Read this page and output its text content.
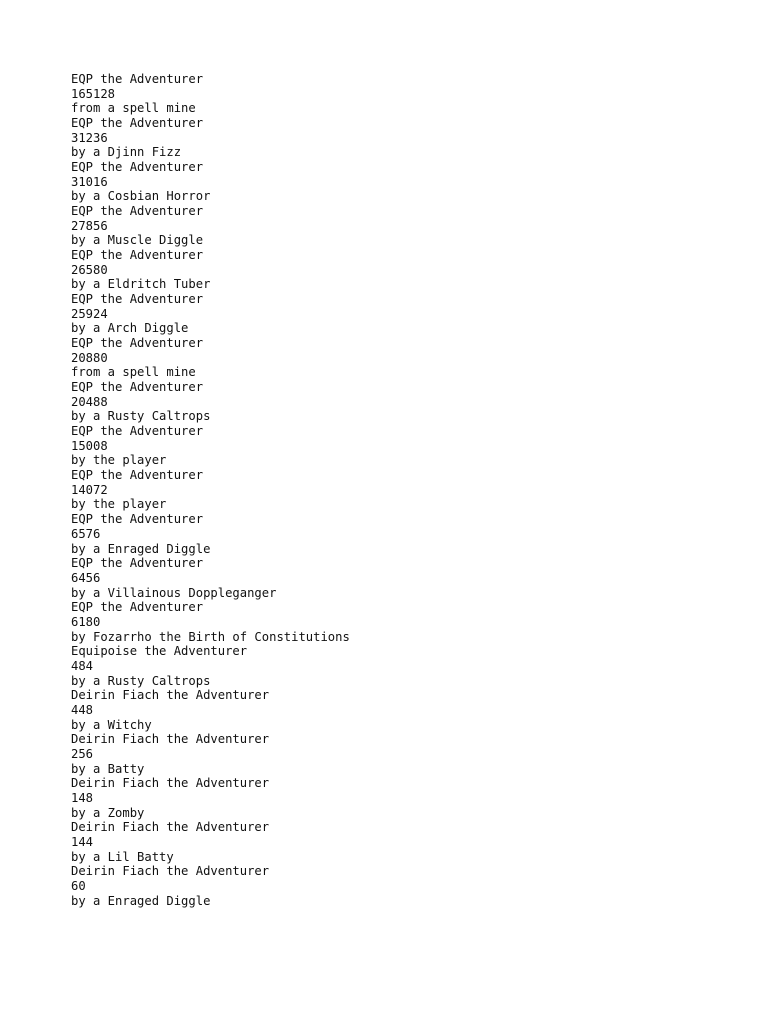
EQP the Adventurer
165128
from a spell mine
EQP the Adventurer
31236
by a Djinn Fizz
EQP the Adventurer
31016
by a Cosbian Horror
EQP the Adventurer
27856
by a Muscle Diggle
EQP the Adventurer
26580
by a Eldritch Tuber
EQP the Adventurer
25924
by a Arch Diggle
EQP the Adventurer
20880
from a spell mine
EQP the Adventurer
20488
by a Rusty Caltrops
EQP the Adventurer
15008
by the player
EQP the Adventurer
14072
by the player
EQP the Adventurer
6576
by a Enraged Diggle
EQP the Adventurer
6456
by a Villainous Doppleganger
EQP the Adventurer
6180
by Fozarrho the Birth of Constitutions
Equipoise the Adventurer
484
by a Rusty Caltrops
Deirin Fiach the Adventurer
448
by a Witchy
Deirin Fiach the Adventurer
256
by a Batty
Deirin Fiach the Adventurer
148
by a Zomby
Deirin Fiach the Adventurer
144
by a Lil Batty
Deirin Fiach the Adventurer
60
by a Enraged Diggle
